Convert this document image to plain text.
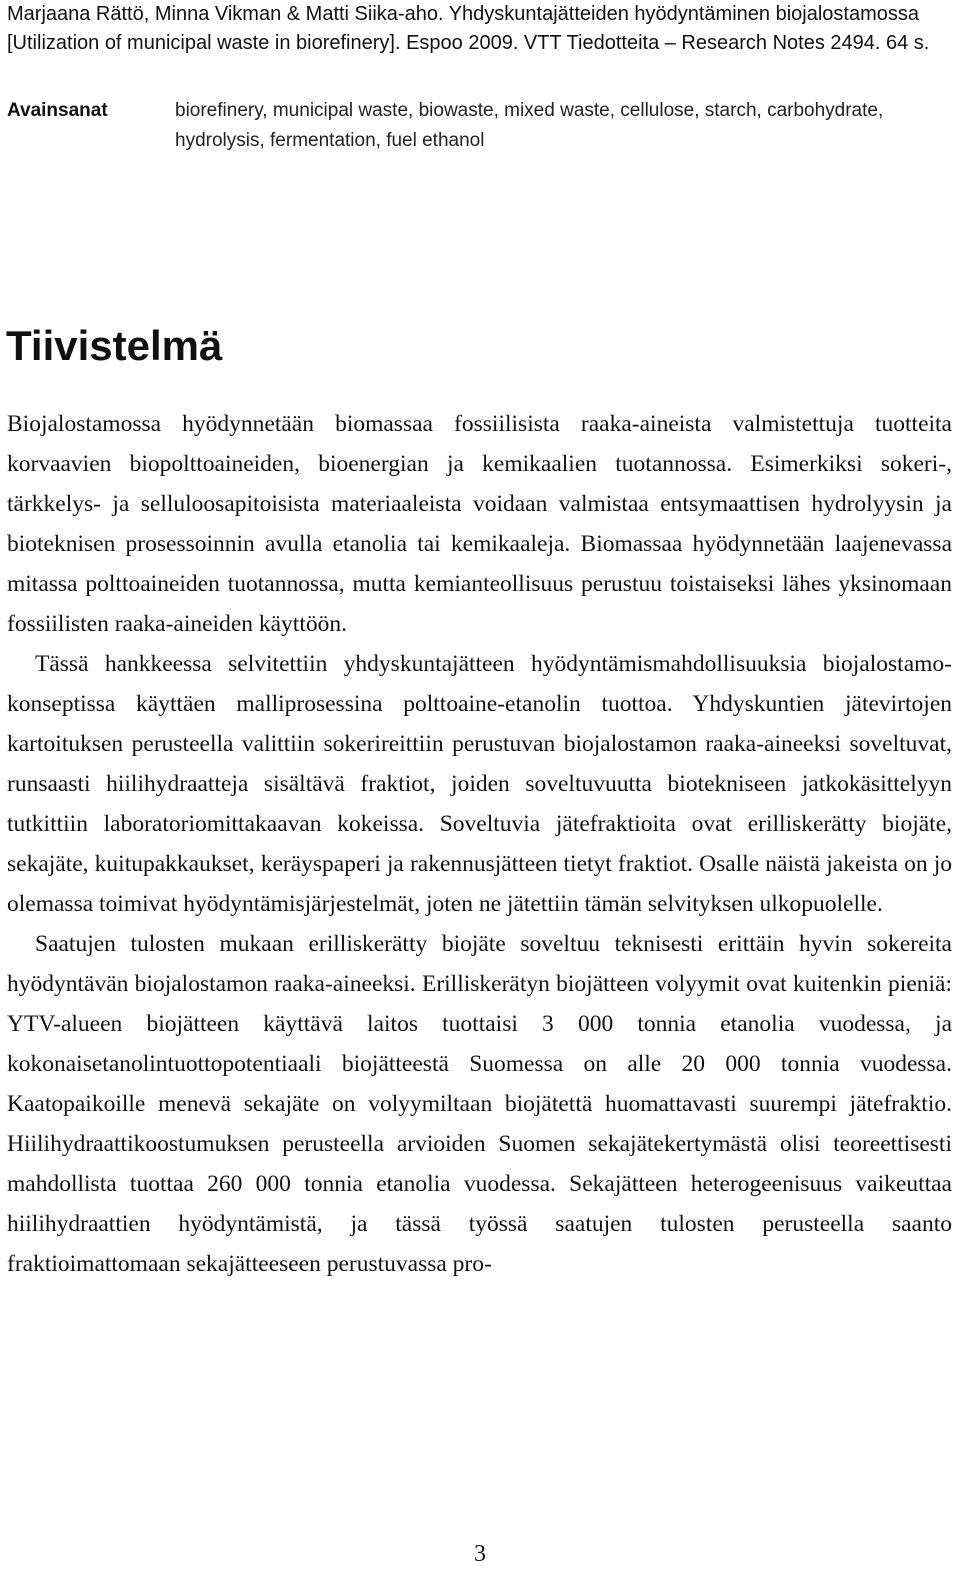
Marjaana Rättö, Minna Vikman & Matti Siika-aho. Yhdyskuntajätteiden hyödyntäminen biojalostamossa [Utilization of municipal waste in biorefinery]. Espoo 2009. VTT Tiedotteita – Research Notes 2494. 64 s.
Avainsanat	biorefinery, municipal waste, biowaste, mixed waste, cellulose, starch, carbohydrate, hydrolysis, fermentation, fuel ethanol
Tiivistelmä

Biojalostamossa hyödynnetään biomassaa fossiilisista raaka-aineista valmistettuja tuotteita korvaavien biopolttoaineiden, bioenergian ja kemikaalien tuotannossa. Esimerkiksi sokeri-, tärkkelys- ja selluloosapitoisista materiaaleista voidaan valmistaa entsymaattisen hydrolyysin ja bioteknisen prosessoinnin avulla etanolia tai kemikaaleja. Biomassaa hyödynnetään laajenevassa mitassa polttoaineiden tuotannossa, mutta kemianteollisuus perustuu toistaiseksi lähes yksinomaan fossiilisten raaka-aineiden käyttöön.

Tässä hankkeessa selvitettiin yhdyskuntajätteen hyödyntämismahdollisuuksia biojalostamo-konseptissa käyttäen malliprosessina polttoaine-etanolin tuottoa. Yhdyskuntien jätevirtojen kartoituksen perusteella valittiin sokerireittiin perustuvan biojalostamon raaka-aineeksi soveltuvat, runsaasti hiilihydraatteja sisältävä fraktiot, joiden soveltuvuutta biotekniseen jatkokäsittelyyn tutkittiin laboratoriomittakaavan kokeissa. Soveltuvia jätefraktioita ovat erilliskerätty biojäte, sekajäte, kuitupakkaukset, keräyspaperi ja rakennusjätteen tietyt fraktiot. Osalle näistä jakeista on jo olemassa toimivat hyödyntämisjärjestelmät, joten ne jätettiin tämän selvityksen ulkopuolelle.

Saatujen tulosten mukaan erilliskerätty biojäte soveltuu teknisesti erittäin hyvin sokereita hyödyntävän biojalostamon raaka-aineeksi. Erilliskerätyn biojätteen volyymit ovat kuitenkin pieniä: YTV-alueen biojätteen käyttävä laitos tuottaisi 3 000 tonnia etanolia vuodessa, ja kokonaisetanolintuottopotentiaali biojätteestä Suomessa on alle 20 000 tonnia vuodessa. Kaatopaikoille menevä sekajäte on volyymiltaan biojätettä huomattavasti suurempi jätefraktio. Hiilihydraattikoostumuksen perusteella arvioiden Suomen sekajätekertymästä olisi teoreettisesti mahdollista tuottaa 260 000 tonnia etanolia vuodessa. Sekajätteen heterogeenisuus vaikeuttaa hiilihydraattien hyödyntämistä, ja tässä työssä saatujen tulosten perusteella saanto fraktioimattomaan sekajätteeseen perustuvassa pro-

3
